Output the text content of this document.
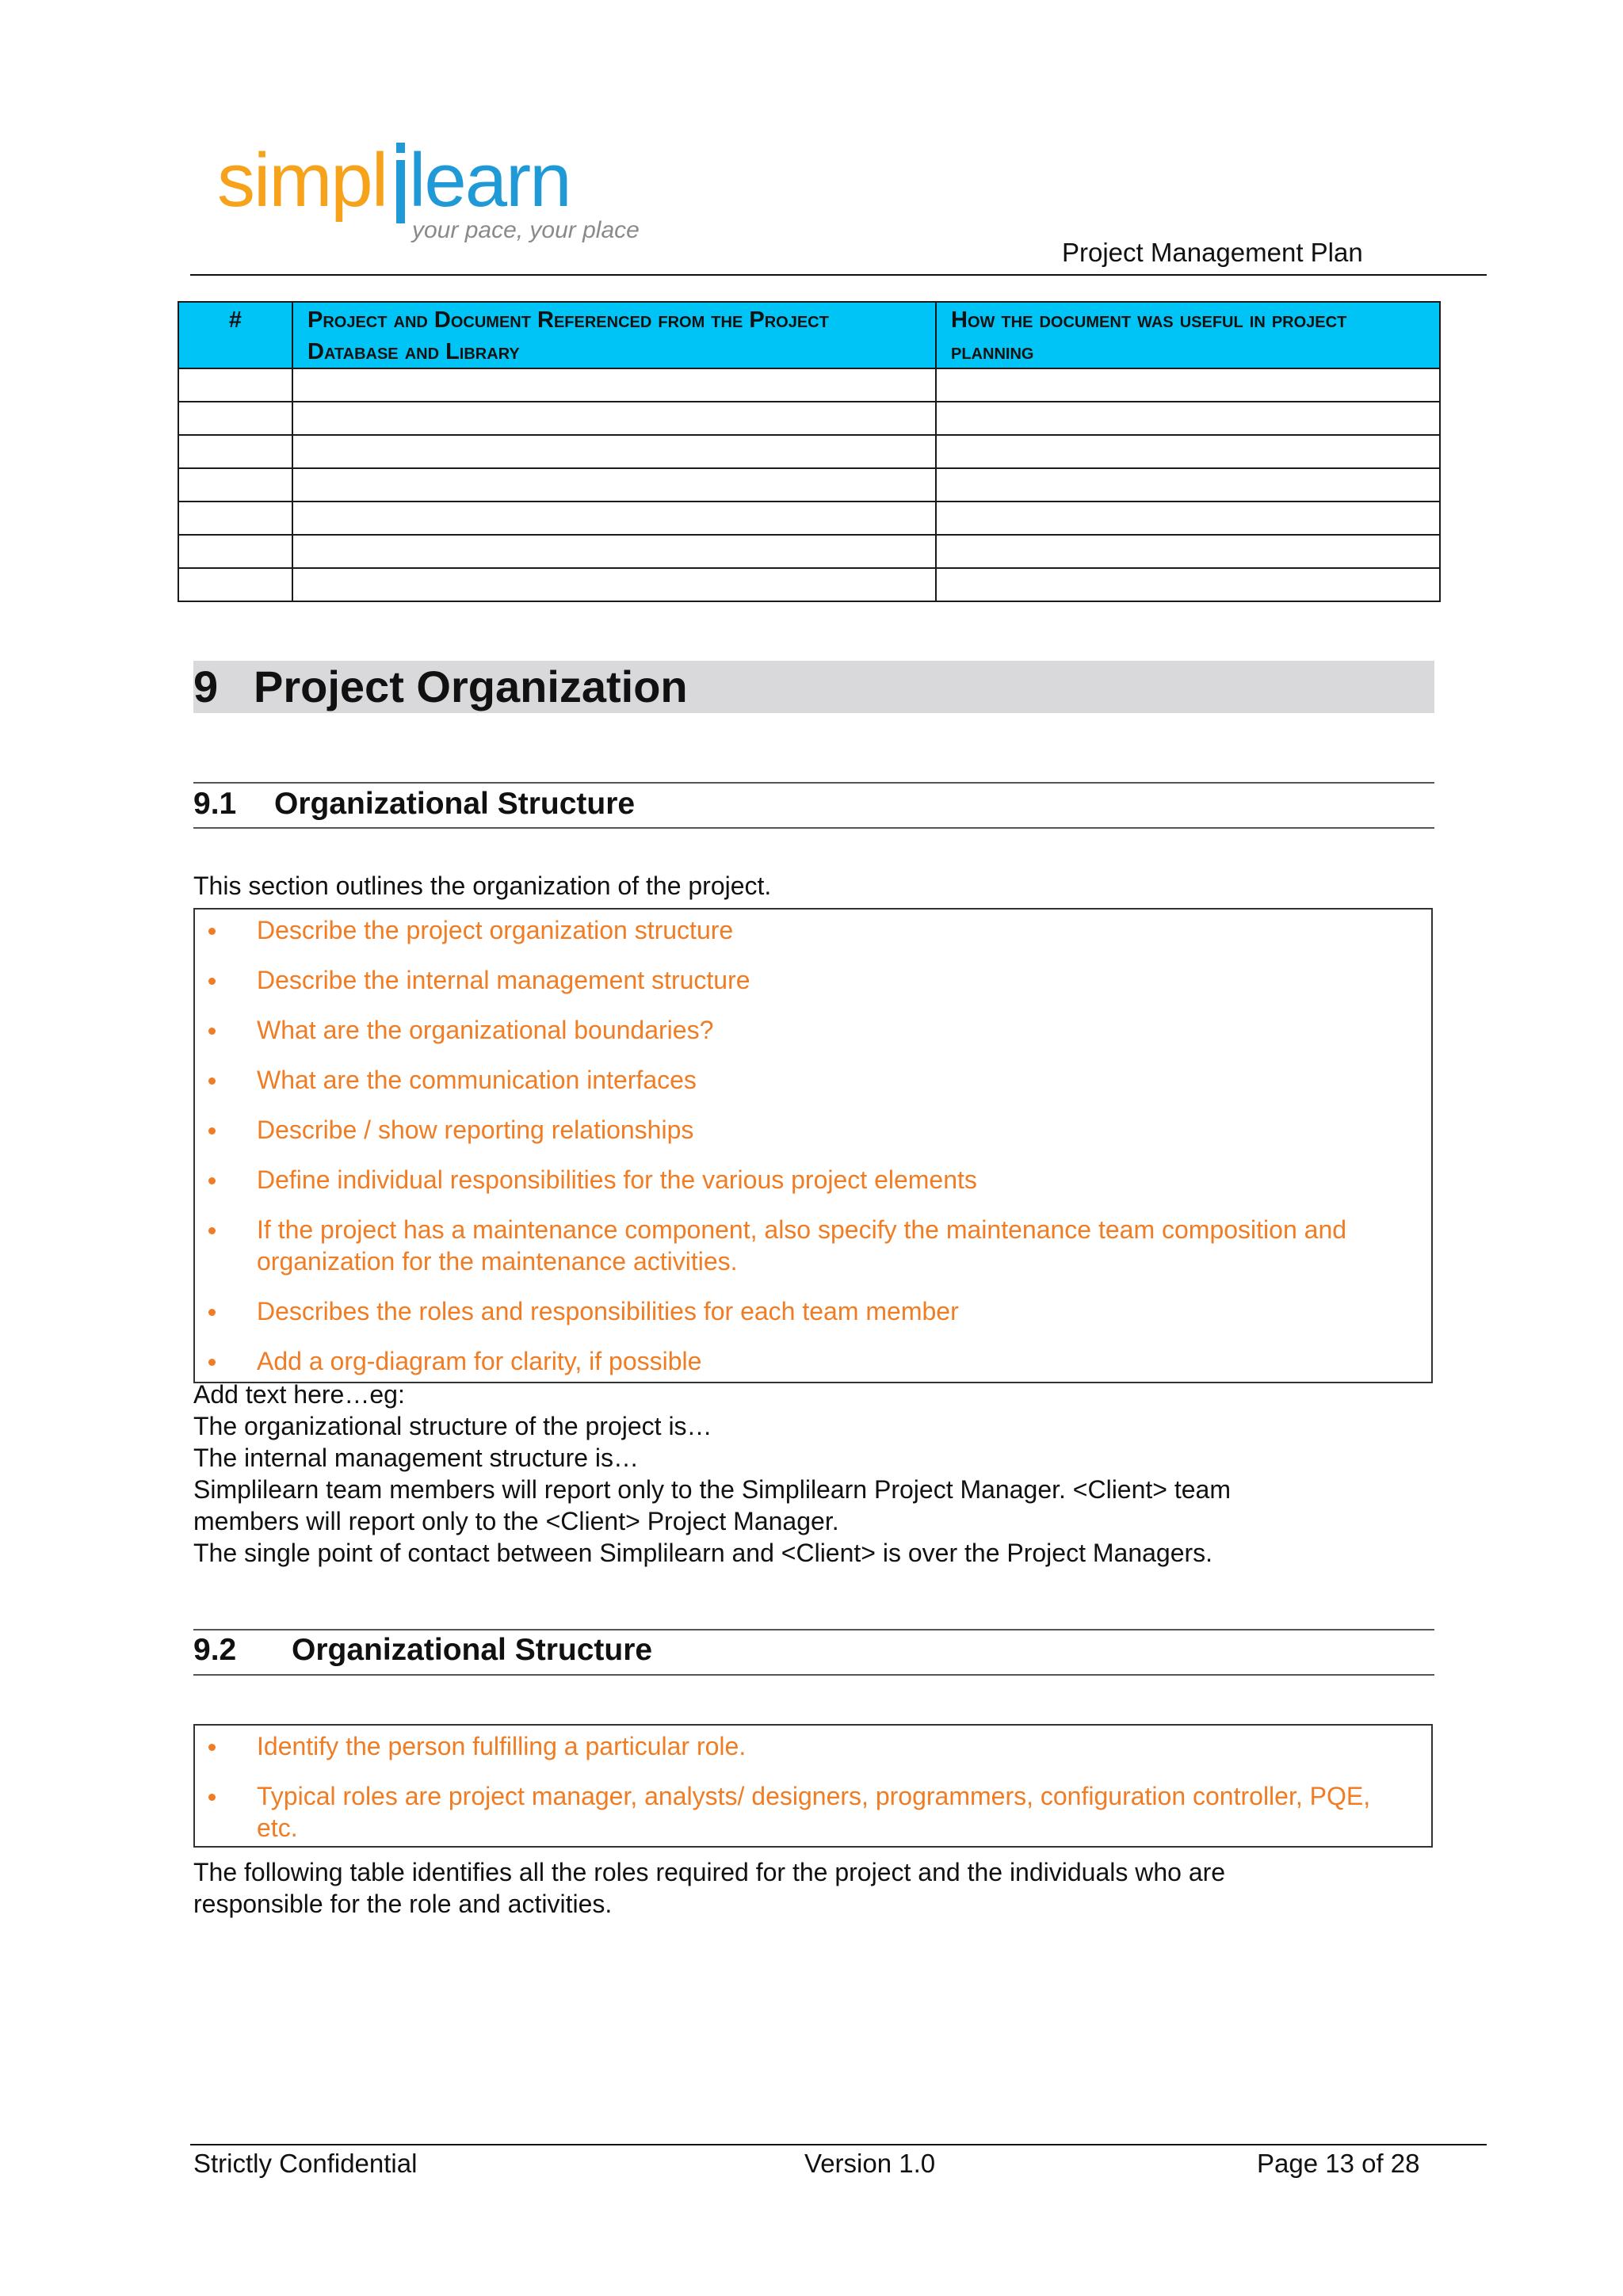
simpl learn
your pace, your place
Project Management Plan
#	Project and Document Referenced from the Project Database and Library	How the document was useful in project planning

9 Project Organization
9.1 Organizational Structure
This section outlines the organization of the project.
Describe the project organization structure
Describe the internal management structure
What are the organizational boundaries?
What are the communication interfaces
Describe / show reporting relationships
Define individual responsibilities for the various project elements
If the project has a maintenance component, also specify the maintenance team composition and organization for the maintenance activities.
Describes the roles and responsibilities for each team member
Add a org-diagram for clarity, if possible
Add text here…eg:
The organizational structure of the project is…
The internal management structure is…
Simplilearn team members will report only to the Simplilearn Project Manager. <Client> team members will report only to the <Client> Project Manager.
The single point of contact between Simplilearn and <Client> is over the Project Managers.
9.2 Organizational Structure
Identify the person fulfilling a particular role.
Typical roles are project manager, analysts/ designers, programmers, configuration controller, PQE, etc.
The following table identifies all the roles required for the project and the individuals who are responsible for the role and activities.
Strictly Confidential	Version 1.0	Page 13 of 28
